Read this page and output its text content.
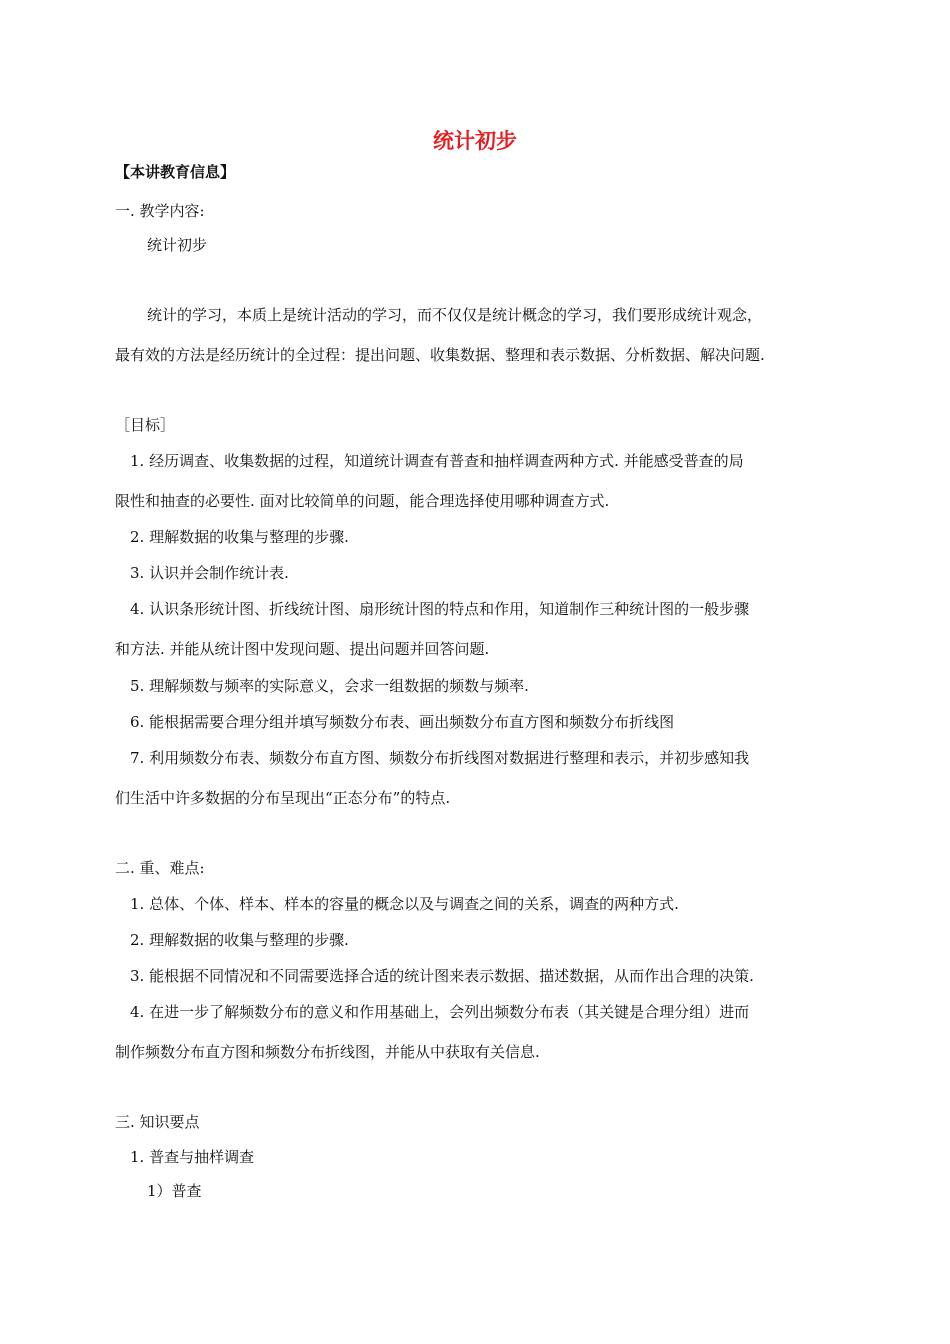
统计初步
【本讲教育信息】
一. 教学内容:
统计初步
统计的学习，本质上是统计活动的学习，而不仅仅是统计概念的学习，我们要形成统计观念，
最有效的方法是经历统计的全过程：提出问题、收集数据、整理和表示数据、分析数据、解决问题.
［目标］
1. 经历调查、收集数据的过程，知道统计调查有普查和抽样调查两种方式. 并能感受普查的局
限性和抽查的必要性. 面对比较简单的问题，能合理选择使用哪种调查方式.
2. 理解数据的收集与整理的步骤.
3. 认识并会制作统计表.
4. 认识条形统计图、折线统计图、扇形统计图的特点和作用，知道制作三种统计图的一般步骤
和方法. 并能从统计图中发现问题、提出问题并回答问题.
5. 理解频数与频率的实际意义，会求一组数据的频数与频率.
6. 能根据需要合理分组并填写频数分布表、画出频数分布直方图和频数分布折线图
7. 利用频数分布表、频数分布直方图、频数分布折线图对数据进行整理和表示，并初步感知我
们生活中许多数据的分布呈现出“正态分布”的特点.
二. 重、难点:
1. 总体、个体、样本、样本的容量的概念以及与调查之间的关系，调查的两种方式.
2. 理解数据的收集与整理的步骤.
3. 能根据不同情况和不同需要选择合适的统计图来表示数据、描述数据，从而作出合理的决策.
4. 在进一步了解频数分布的意义和作用基础上，会列出频数分布表（其关键是合理分组）进而
制作频数分布直方图和频数分布折线图，并能从中获取有关信息.
三. 知识要点
1. 普查与抽样调查
1）普查
